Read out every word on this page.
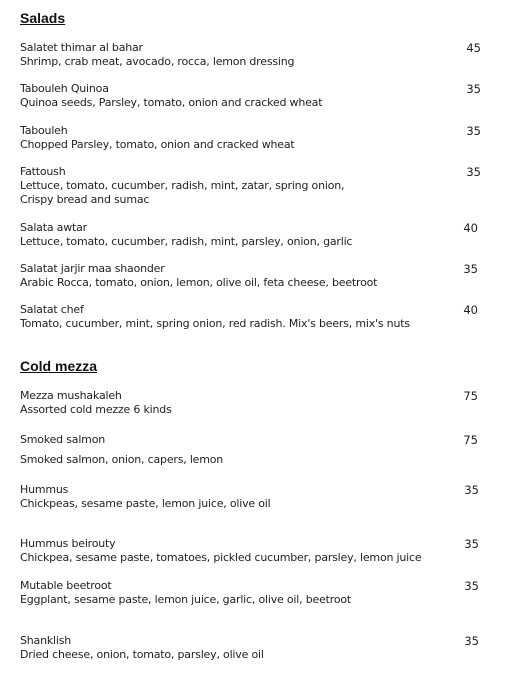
Salads
Salatet thimar al bahar
Shrimp, crab meat, avocado, rocca, lemon dressing
45
Tabouleh Quinoa
Quinoa seeds, Parsley, tomato, onion and cracked wheat
35
Tabouleh
Chopped Parsley, tomato, onion and cracked wheat
35
Fattoush
Lettuce, tomato, cucumber, radish, mint, zatar, spring onion,
Crispy bread and sumac
35
Salata awtar
Lettuce, tomato, cucumber, radish, mint, parsley, onion, garlic
40
Salatat jarjir maa shaonder
Arabic Rocca, tomato, onion, lemon, olive oil, feta cheese, beetroot
35
Salatat chef
Tomato, cucumber, mint, spring onion, red radish. Mix's beers, mix's nuts
40
Cold mezza
Mezza mushakaleh
Assorted cold mezze 6 kinds
75
Smoked salmon
Smoked salmon, onion, capers, lemon
75
Hummus
Chickpeas, sesame paste, lemon juice, olive oil
35
Hummus beirouty
Chickpea, sesame paste, tomatoes, pickled cucumber, parsley, lemon juice
35
Mutable beetroot
Eggplant, sesame paste, lemon juice, garlic, olive oil, beetroot
35
Shanklish
Dried cheese, onion, tomato, parsley, olive oil
35
